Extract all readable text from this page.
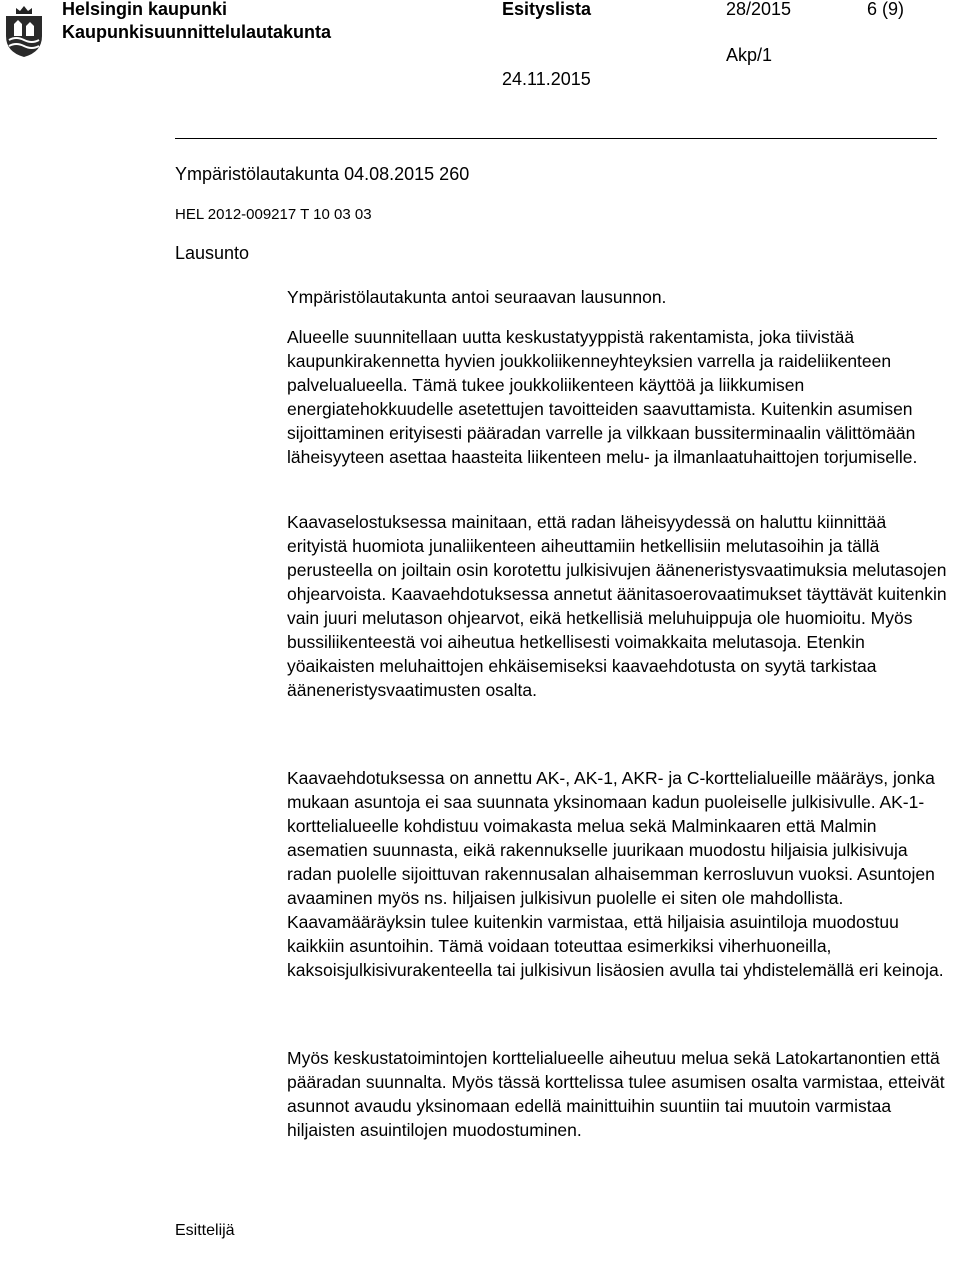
Helsingin kaupunki
Kaupunkisuunnittelulautakunta
Esityslista	28/2015	6 (9)
Akp/1
24.11.2015
Ympäristölautakunta 04.08.2015 260
HEL 2012-009217 T 10 03 03
Lausunto

Ympäristölautakunta antoi seuraavan lausunnon.

Alueelle suunnitellaan uutta keskustatyyppistä rakentamista, joka tiivistää kaupunkirakennetta hyvien joukkoliikenneyhteyksien varrella ja raideliikenteen palvelualueella. Tämä tukee joukkoliikenteen käyttöä ja liikkumisen energiatehokkuudelle asetettujen tavoitteiden saavuttamista. Kuitenkin asumisen sijoittaminen erityisesti pääradan varrelle ja vilkkaan bussiterminaalin välittömään läheisyyteen asettaa haasteita liikenteen melu- ja ilmanlaatuhaittojen torjumiselle.

Kaavaselostuksessa mainitaan, että radan läheisyydessä on haluttu kiinnittää erityistä huomiota junaliikenteen aiheuttamiin hetkellisiin melutasoihin ja tällä perusteella on joiltain osin korotettu julkisivujen ääneneristysvaatimuksia melutasojen ohjearvoista. Kaavaehdotuksessa annetut äänitasoerovaatimukset täyttävät kuitenkin vain juuri melutason ohjearvot, eikä hetkellisiä meluhuippuja ole huomioitu. Myös bussiliikenteestä voi aiheutua hetkellisesti voimakkaita melutasoja. Etenkin yöaikaisten meluhaittojen ehkäisemiseksi kaavaehdotusta on syytä tarkistaa ääneneristysvaatimusten osalta.

Kaavaehdotuksessa on annettu AK-, AK-1, AKR- ja C-korttelialueille määräys, jonka mukaan asuntoja ei saa suunnata yksinomaan kadun puoleiselle julkisivulle. AK-1-korttelialueelle kohdistuu voimakasta melua sekä Malminkaaren että Malmin asematien suunnasta, eikä rakennukselle juurikaan muodostu hiljaisia julkisivuja radan puolelle sijoittuvan rakennusalan alhaisemman kerrosluvun vuoksi. Asuntojen avaaminen myös ns. hiljaisen julkisivun puolelle ei siten ole mahdollista. Kaavamääräyksin tulee kuitenkin varmistaa, että hiljaisia asuintiloja muodostuu kaikkiin asuntoihin. Tämä voidaan toteuttaa esimerkiksi viherhuoneilla, kaksoisjulkisivurakenteella tai julkisivun lisäosien avulla tai yhdistelemällä eri keinoja.

Myös keskustatoimintojen korttelialueelle aiheutuu melua sekä Latokartanontien että pääradan suunnalta. Myös tässä korttelissa tulee asumisen osalta varmistaa, etteivät asunnot avaudu yksinomaan edellä mainittuihin suuntiin tai muutoin varmistaa hiljaisten asuintilojen muodostuminen.

Esittelijä
